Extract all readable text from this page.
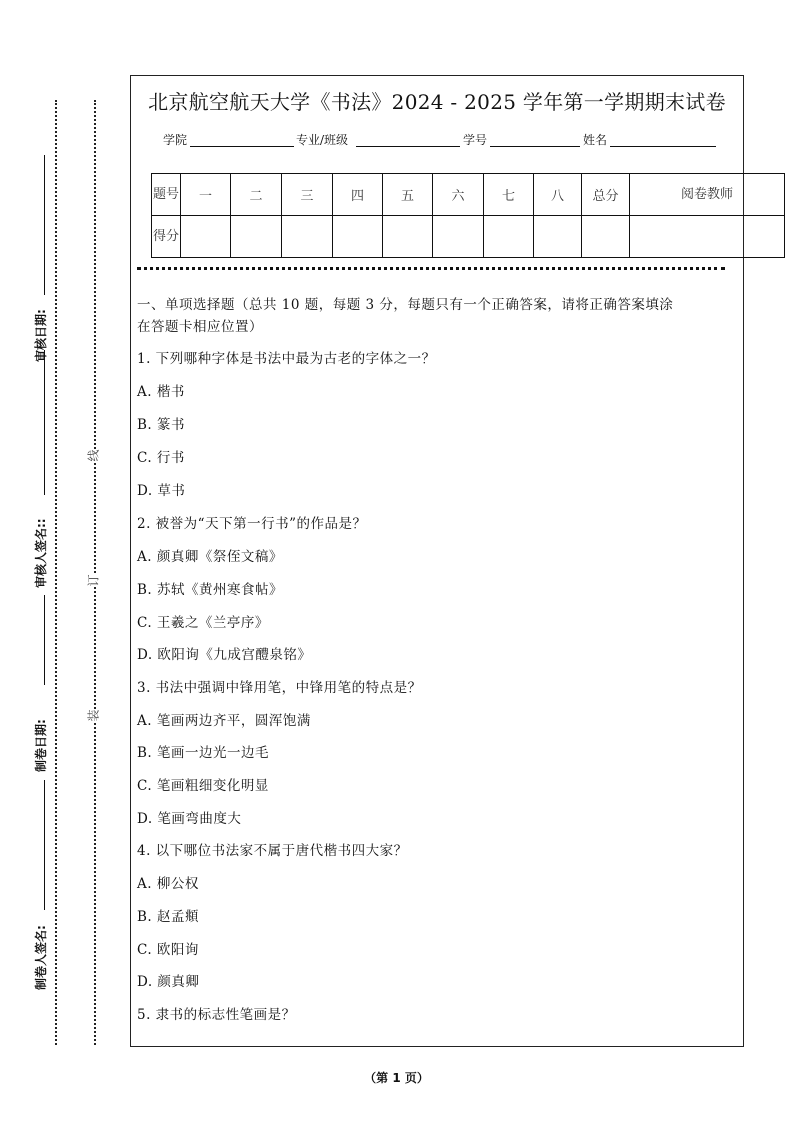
制卷人签名:
制卷日期:
审核人签名::
审核日期:
装
订
线
北京航空航天大学《书法》2024 - 2025 学年第一学期期末试卷
学院	专业/班级	学号	姓名
题号	一	二	三	四	五	六	七	八	总分	阅卷教师
得分										
一、单项选择题（总共 10 题，每题 3 分，每题只有一个正确答案，请将正确答案填涂
在答题卡相应位置）
1. 下列哪种字体是书法中最为古老的字体之一？
A. 楷书
B. 篆书
C. 行书
D. 草书
2. 被誉为“天下第一行书”的作品是？
A. 颜真卿《祭侄文稿》
B. 苏轼《黄州寒食帖》
C. 王羲之《兰亭序》
D. 欧阳询《九成宫醴泉铭》
3. 书法中强调中锋用笔，中锋用笔的特点是？
A. 笔画两边齐平，圆浑饱满
B. 笔画一边光一边毛
C. 笔画粗细变化明显
D. 笔画弯曲度大
4. 以下哪位书法家不属于唐代楷书四大家？
A. 柳公权
B. 赵孟頫
C. 欧阳询
D. 颜真卿
5. 隶书的标志性笔画是？
（第 1 页）
